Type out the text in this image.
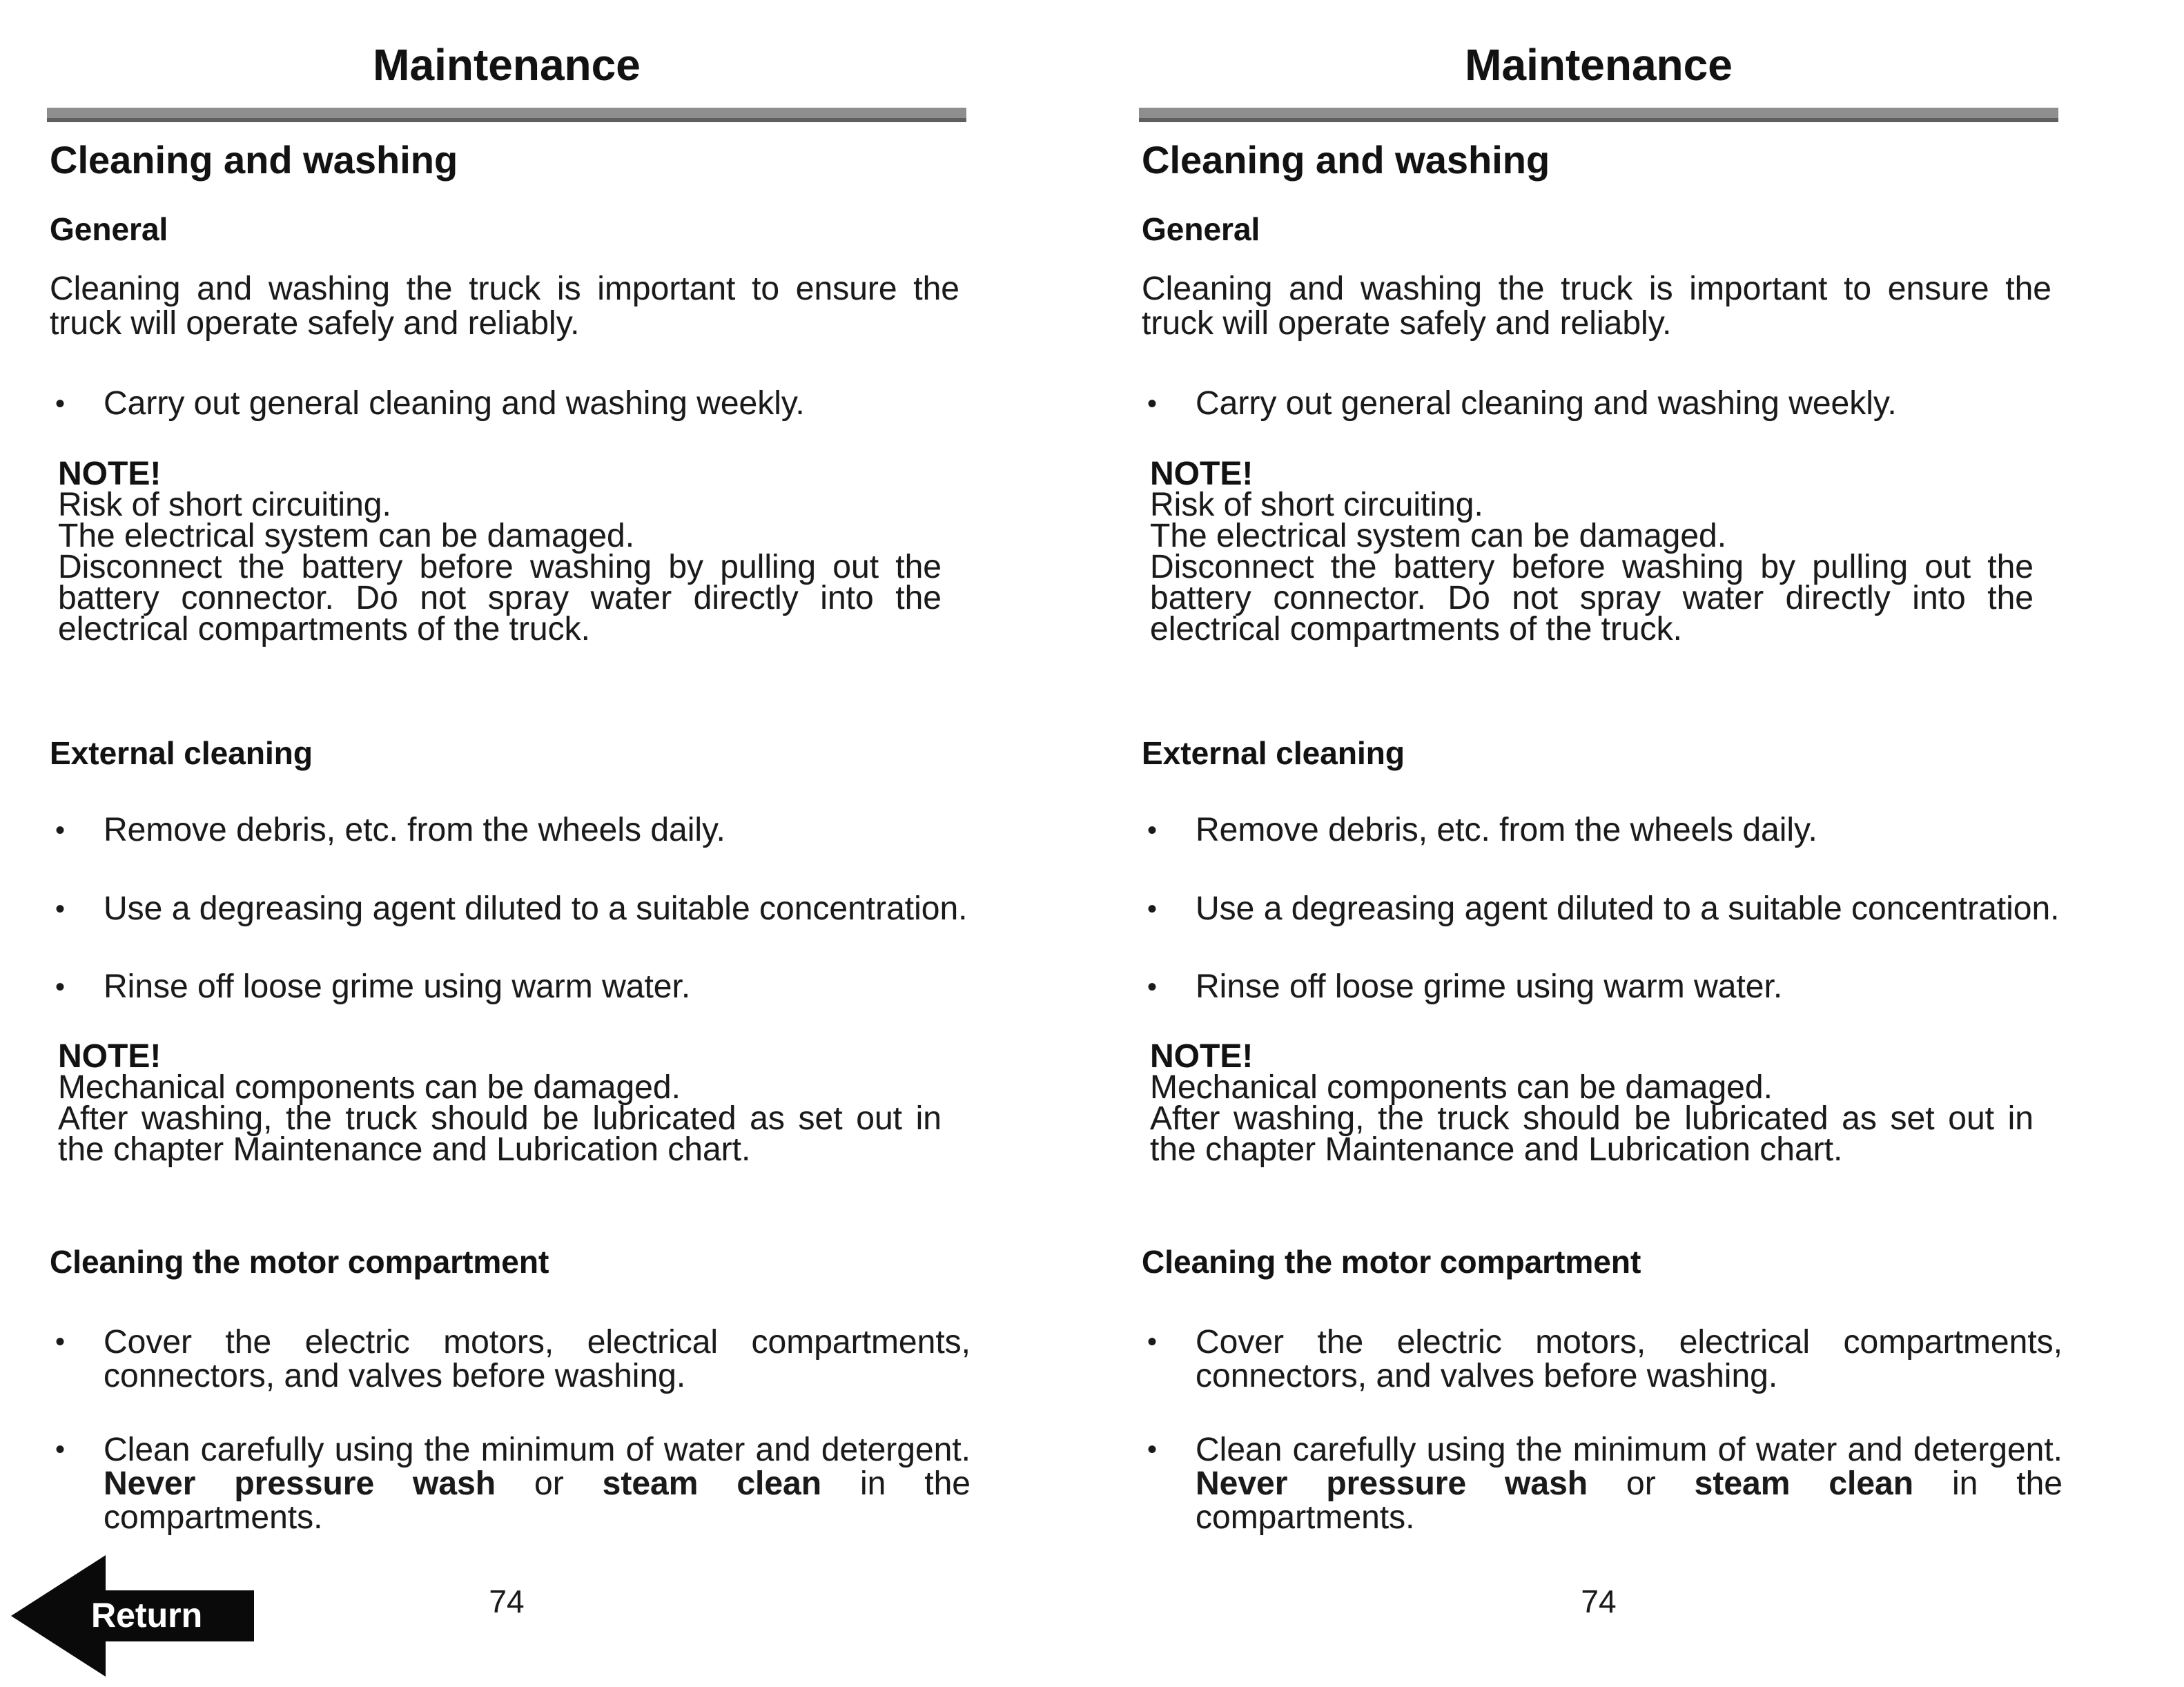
Maintenance
Cleaning and washing
General
Cleaning and washing the truck is important to ensure the truck will operate safely and reliably.
•	Carry out general cleaning and washing weekly.
NOTE!
Risk of short circuiting.
The electrical system can be damaged.
Disconnect the battery before washing by pulling out the battery connector. Do not spray water directly into the electrical compartments of the truck.
External cleaning
•	Remove debris, etc. from the wheels daily.
•	Use a degreasing agent diluted to a suitable concentration.
•	Rinse off loose grime using warm water.
NOTE!
Mechanical components can be damaged.
After washing, the truck should be lubricated as set out in the chapter Maintenance and Lubrication chart.
Cleaning the motor compartment
•	Cover the electric motors, electrical compartments, connectors, and valves before washing.
•	Clean carefully using the minimum of water and detergent. Never pressure wash or steam clean in the compartments.
74
Return
Maintenance
Cleaning and washing
General
Cleaning and washing the truck is important to ensure the truck will operate safely and reliably.
•	Carry out general cleaning and washing weekly.
NOTE!
Risk of short circuiting.
The electrical system can be damaged.
Disconnect the battery before washing by pulling out the battery connector. Do not spray water directly into the electrical compartments of the truck.
External cleaning
•	Remove debris, etc. from the wheels daily.
•	Use a degreasing agent diluted to a suitable concentration.
•	Rinse off loose grime using warm water.
NOTE!
Mechanical components can be damaged.
After washing, the truck should be lubricated as set out in the chapter Maintenance and Lubrication chart.
Cleaning the motor compartment
•	Cover the electric motors, electrical compartments, connectors, and valves before washing.
•	Clean carefully using the minimum of water and detergent. Never pressure wash or steam clean in the compartments.
74
